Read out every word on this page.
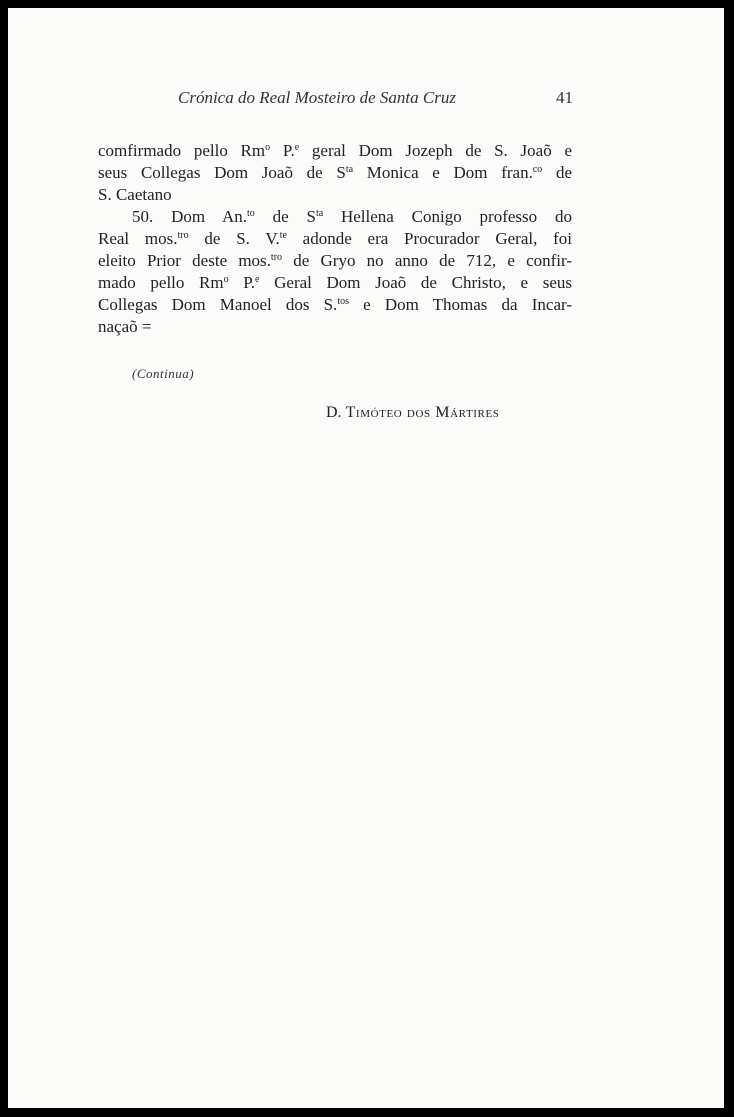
Crónica do Real Mosteiro de Santa Cruz	41

comfirmado pello Rm$^o$ P.$^e$ geral Dom Jozeph de S. Joaõ e
seus Collegas Dom Joaõ de $S^{ta}$ Monica e Dom fran.$^{co}$ de
S. Caetano

50. Dom An.$^{to}$ de $S^{ta}$ Hellena Conigo professo do
Real mos.$^{tro}$ de S. V.$^{te}$ adonde era Procurador Geral, foi
eleito Prior deste mos.$^{tro}$ de Gryo no anno de 712, e confir-
mado pello Rm$^o$ P.$^e$ Geral Dom Joaõ de Christo, e seus
Collegas Dom Manoel dos S.$^{tos}$ e Dom Thomas da Incar-
naçaõ =

(Continua)
D. Timóteo dos Mártires
